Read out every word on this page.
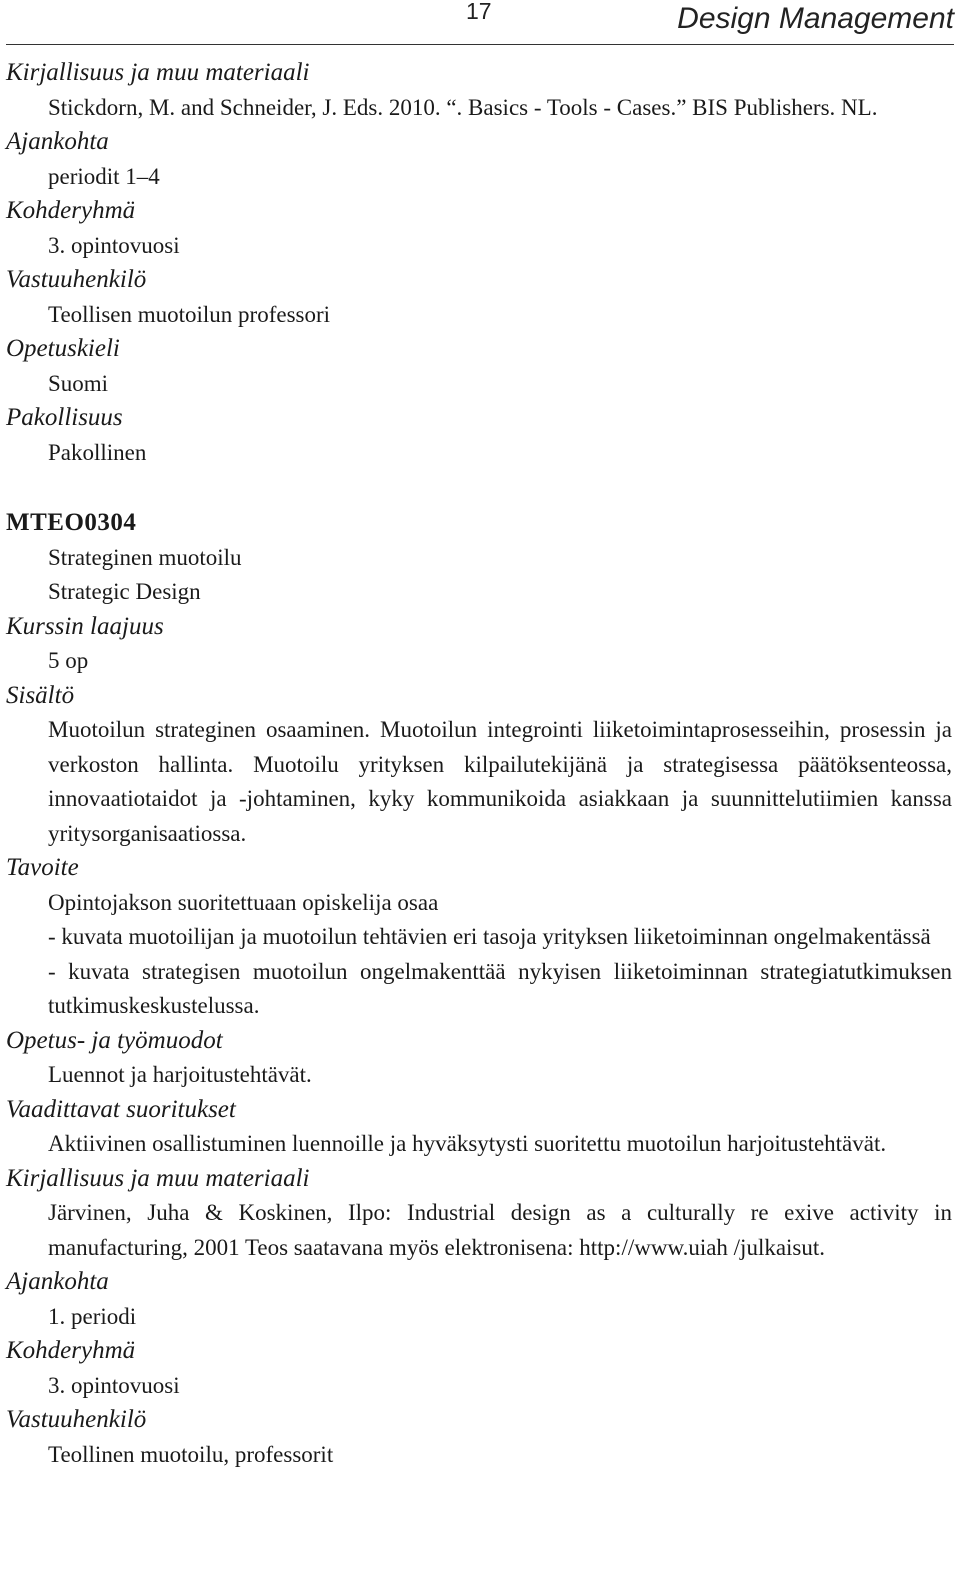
17	Design Management
Kirjallisuus ja muu materiaali
Stickdorn, M. and Schneider, J. Eds. 2010. “. Basics - Tools - Cases.” BIS Publishers. NL.
Ajankohta
periodit 1–4
Kohderyhmä
3. opintovuosi
Vastuuhenkilö
Teollisen muotoilun professori
Opetuskieli
Suomi
Pakollisuus
Pakollinen
MTEO0304
Strateginen muotoilu
Strategic Design
Kurssin laajuus
5 op
Sisältö
Muotoilun strateginen osaaminen. Muotoilun integrointi liiketoimintaprosesseihin, prosessin ja verkoston hallinta. Muotoilu yrityksen kilpailutekijänä ja strategisessa päätöksenteossa, innovaatiotaidot ja -johtaminen, kyky kommunikoida asiakkaan ja suunnittelutiimien kanssa yritysorganisaatiossa.
Tavoite
Opintojakson suoritettuaan opiskelija osaa
- kuvata muotoilijan ja muotoilun tehtävien eri tasoja yrityksen liiketoiminnan ongelmakentässä
- kuvata strategisen muotoilun ongelmakenttää nykyisen liiketoiminnan strategiatutkimuksen tutkimuskeskustelussa.
Opetus- ja työmuodot
Luennot ja harjoitustehtävät.
Vaadittavat suoritukset
Aktiivinen osallistuminen luennoille ja hyväksytysti suoritettu muotoilun harjoitustehtävät.
Kirjallisuus ja muu materiaali
Järvinen, Juha & Koskinen, Ilpo: Industrial design as a culturally re exive activity in manufacturing, 2001 Teos saatavana myös elektronisena: http://www.uiah /julkaisut.
Ajankohta
1. periodi
Kohderyhmä
3. opintovuosi
Vastuuhenkilö
Teollinen muotoilu, professorit
